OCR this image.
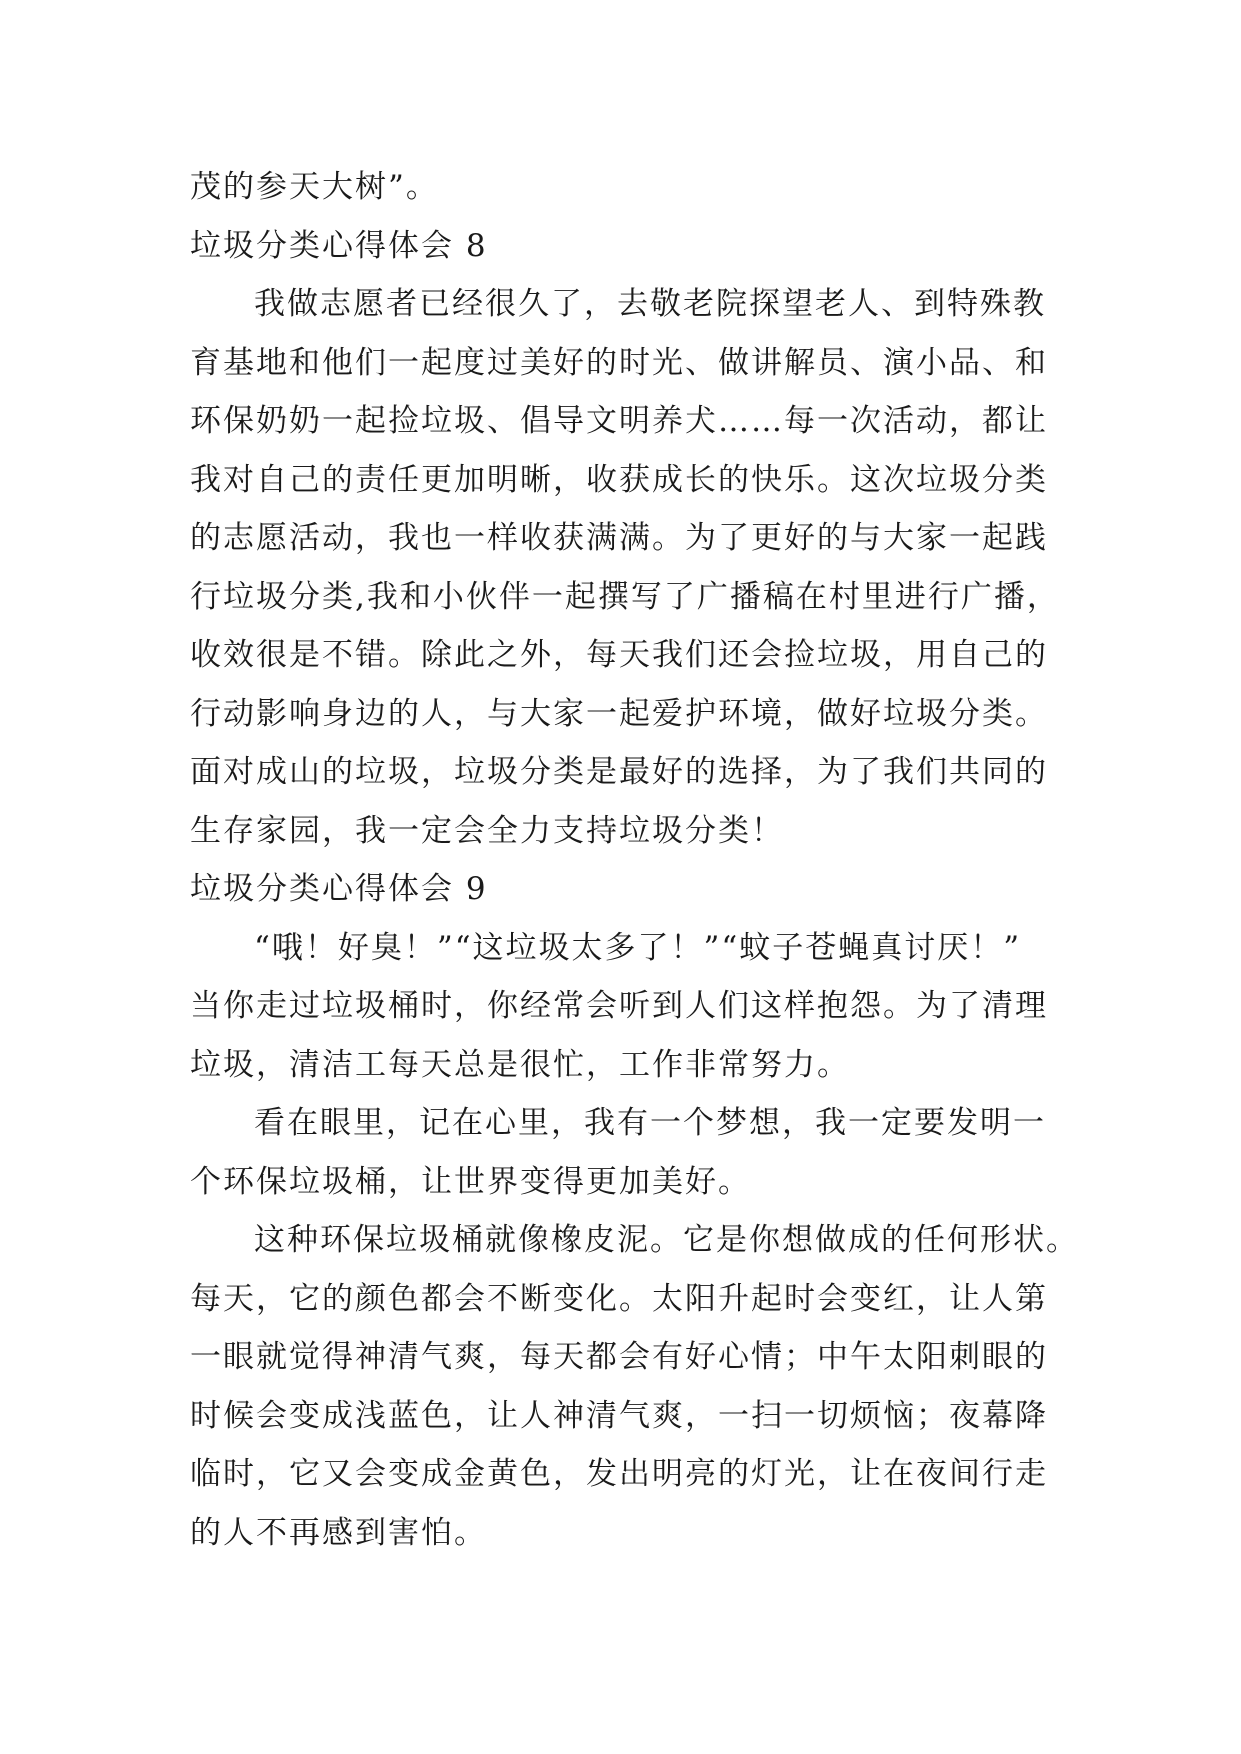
茂的参天大树”。
垃圾分类心得体会 8
我做志愿者已经很久了，去敬老院探望老人、到特殊教
育基地和他们一起度过美好的时光、做讲解员、演小品、和
环保奶奶一起捡垃圾、倡导文明养犬……每一次活动，都让
我对自己的责任更加明晰，收获成长的快乐。这次垃圾分类
的志愿活动，我也一样收获满满。为了更好的与大家一起践
行垃圾分类,我和小伙伴一起撰写了广播稿在村里进行广播，
收效很是不错。除此之外，每天我们还会捡垃圾，用自己的
行动影响身边的人，与大家一起爱护环境，做好垃圾分类。
面对成山的垃圾，垃圾分类是最好的选择，为了我们共同的
生存家园，我一定会全力支持垃圾分类！
垃圾分类心得体会 9
“哦！好臭！”“这垃圾太多了！”“蚊子苍蝇真讨厌！”
当你走过垃圾桶时，你经常会听到人们这样抱怨。为了清理
垃圾，清洁工每天总是很忙，工作非常努力。
看在眼里，记在心里，我有一个梦想，我一定要发明一
个环保垃圾桶，让世界变得更加美好。
这种环保垃圾桶就像橡皮泥。它是你想做成的任何形状。
每天，它的颜色都会不断变化。太阳升起时会变红，让人第
一眼就觉得神清气爽，每天都会有好心情；中午太阳刺眼的
时候会变成浅蓝色，让人神清气爽，一扫一切烦恼；夜幕降
临时，它又会变成金黄色，发出明亮的灯光，让在夜间行走
的人不再感到害怕。
